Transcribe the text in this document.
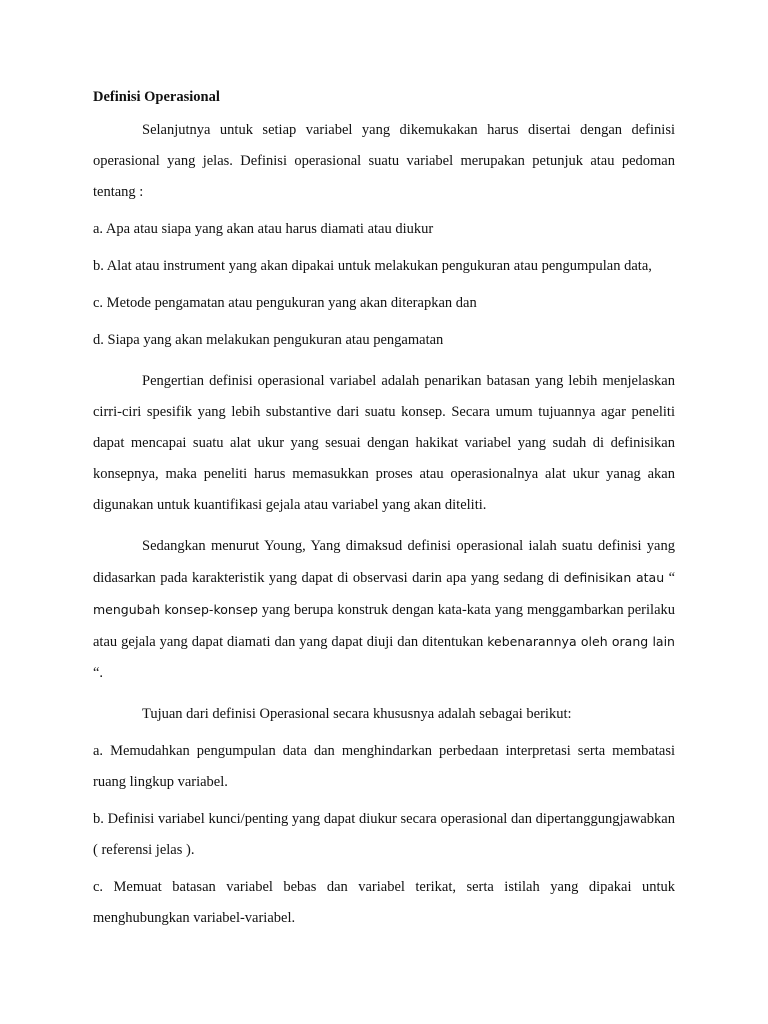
Definisi Operasional

Selanjutnya untuk setiap variabel yang dikemukakan harus disertai dengan definisi operasional yang jelas. Definisi operasional suatu variabel merupakan petunjuk atau pedoman tentang :

a. Apa atau siapa yang akan atau harus diamati atau diukur

b. Alat atau instrument yang akan dipakai untuk melakukan pengukuran atau pengumpulan data,

c. Metode pengamatan atau pengukuran yang akan diterapkan dan

d. Siapa yang akan melakukan pengukuran atau pengamatan

Pengertian definisi operasional variabel adalah penarikan batasan yang lebih menjelaskan cirri-ciri spesifik yang lebih substantive dari suatu konsep. Secara umum tujuannya agar peneliti dapat mencapai suatu alat ukur yang sesuai dengan hakikat variabel yang sudah di definisikan konsepnya, maka peneliti harus memasukkan proses atau operasionalnya alat ukur yanag akan digunakan untuk kuantifikasi gejala atau variabel yang akan diteliti.

Sedangkan menurut Young, Yang dimaksud definisi operasional ialah suatu definisi yang didasarkan pada karakteristik yang dapat di observasi darin apa yang sedang di definisikan atau “ mengubah konsep-konsep yang berupa konstruk dengan kata-kata yang menggambarkan perilaku atau gejala yang dapat diamati dan yang dapat diuji dan ditentukan kebenarannya oleh orang lain “.

Tujuan dari definisi Operasional secara khususnya adalah sebagai berikut:

a. Memudahkan pengumpulan data dan menghindarkan perbedaan interpretasi serta membatasi ruang lingkup variabel.

b. Definisi variabel kunci/penting yang dapat diukur secara operasional dan dipertanggungjawabkan ( referensi jelas ).

c. Memuat batasan variabel bebas dan variabel terikat, serta istilah yang dipakai untuk menghubungkan variabel-variabel.
